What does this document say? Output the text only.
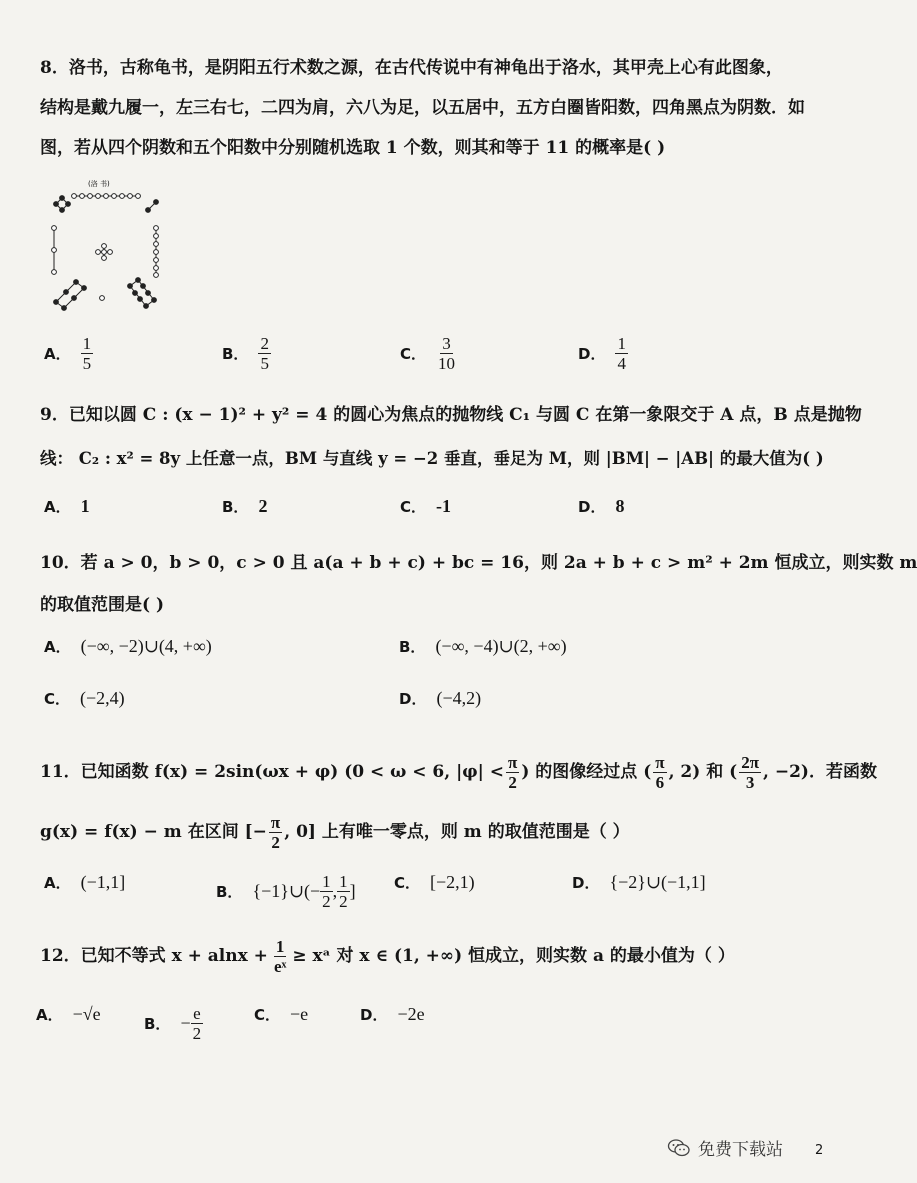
8．洛书，古称龟书，是阴阳五行术数之源，在古代传说中有神龟出于洛水，其甲壳上心有此图象，
结构是戴九履一，左三右七，二四为肩，六八为足，以五居中，五方白圈皆阳数，四角黑点为阴数．如
图，若从四个阴数和五个阳数中分别随机选取 1 个数，则其和等于 11 的概率是( )
(洛 书)
A． $\frac{1}{5}$	B． $\frac{2}{5}$	C． $\frac{3}{10}$	D． $\frac{1}{4}$
9．已知以圆 C : (x − 1)² + y² = 4 的圆心为焦点的抛物线 C₁ 与圆 C 在第一象限交于 A 点，B 点是抛物
线： C₂ : x² = 8y 上任意一点，BM 与直线 y = −2 垂直，垂足为 M，则 |BM| − |AB| 的最大值为( )
A． 1	B． 2	C． -1	D． 8
10．若 a > 0，b > 0，c > 0 且 a(a + b + c) + bc = 16，则 2a + b + c > m² + 2m 恒成立，则实数 m
的取值范围是( )
A． (−∞, −2)∪(4, +∞)	B． (−∞, −4)∪(2, +∞)
C． (−2,4)	D． (−4,2)
11．已知函数 f(x) = 2sin(ωx + φ) (0 < ω < 6, $|\varphi| < \frac{\pi}{2}$ ) 的图像经过点 ( $\frac{\pi}{6}$ , 2) 和 ( $\frac{2\pi}{3}$ , −2)．若函数
g(x) = f(x) − m 在区间 [− $\frac{\pi}{2}$ , 0] 上有唯一零点，则 m 的取值范围是（ ）
A． (−1,1]	B． {−1}∪(− $\frac{1}{2}$ , $\frac{1}{2}$ ]	C． [−2,1)	D． {−2}∪(−1,1]
12．已知不等式 $x + alnx + \frac{1}{\text{eˣ}}$ ≥ xᵃ 对 x ∈ (1, +∞) 恒成立，则实数 a 的最小值为（ ）
A． −√e	B． − $\frac{e}{2}$	C． −e	D． −2e
免费下载站 2
